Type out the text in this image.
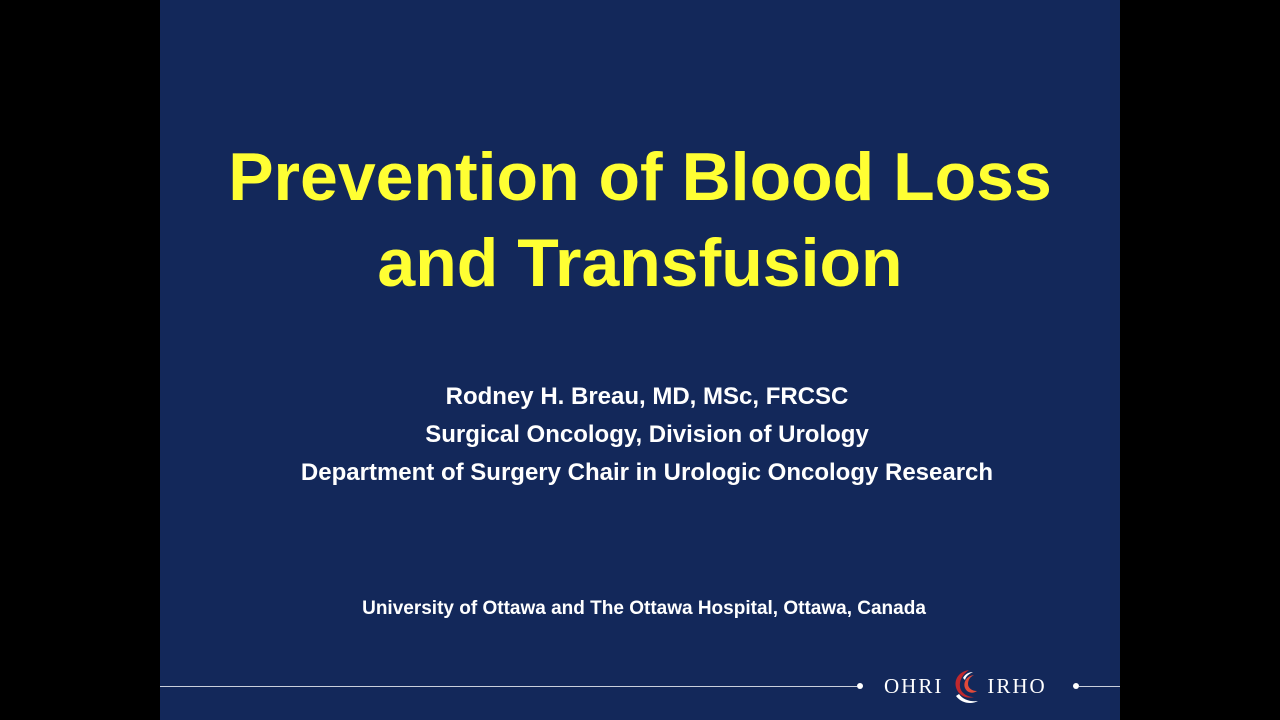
Prevention of Blood Loss
and Transfusion
Rodney H. Breau, MD, MSc, FRCSC
Surgical Oncology, Division of Urology
Department of Surgery Chair in Urologic Oncology Research
University of Ottawa and The Ottawa Hospital, Ottawa, Canada
OHRI IRHO
